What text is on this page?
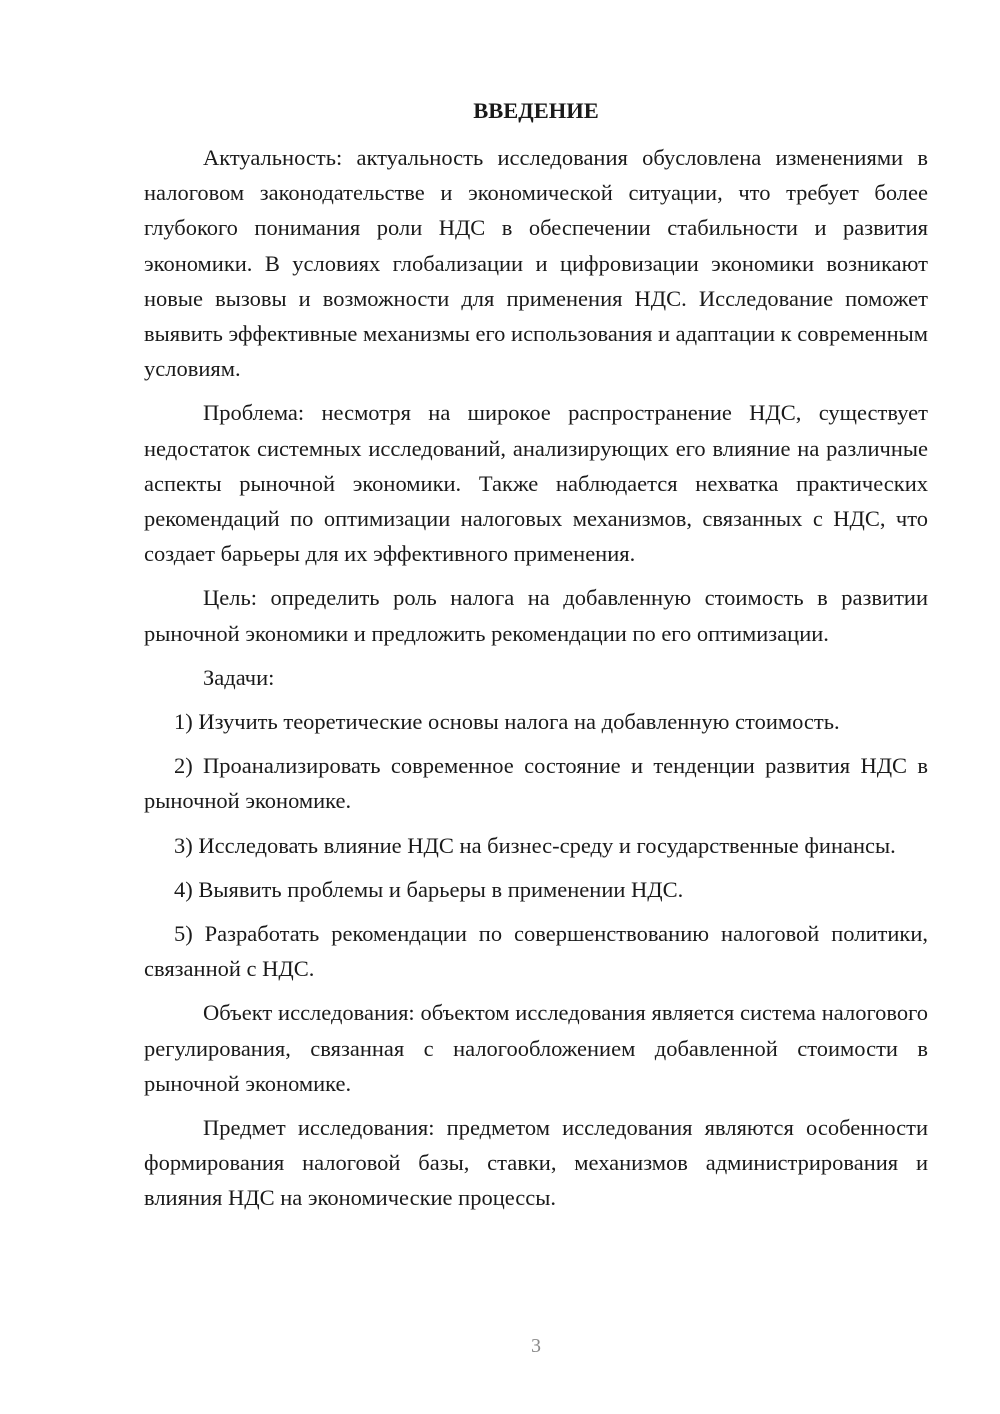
ВВЕДЕНИЕ

Актуальность: актуальность исследования обусловлена изменениями в налоговом законодательстве и экономической ситуации, что требует более глубокого понимания роли НДС в обеспечении стабильности и развития экономики. В условиях глобализации и цифровизации экономики возникают новые вызовы и возможности для применения НДС. Исследование поможет выявить эффективные механизмы его использования и адаптации к современным условиям.

Проблема: несмотря на широкое распространение НДС, существует недостаток системных исследований, анализирующих его влияние на различные аспекты рыночной экономики. Также наблюдается нехватка практических рекомендаций по оптимизации налоговых механизмов, связанных с НДС, что создает барьеры для их эффективного применения.

Цель: определить роль налога на добавленную стоимость в развитии рыночной экономики и предложить рекомендации по его оптимизации.

Задачи:

1) Изучить теоретические основы налога на добавленную стоимость.

2) Проанализировать современное состояние и тенденции развития НДС в рыночной экономике.

3) Исследовать влияние НДС на бизнес-среду и государственные финансы.

4) Выявить проблемы и барьеры в применении НДС.

5) Разработать рекомендации по совершенствованию налоговой политики, связанной с НДС.

Объект исследования: объектом исследования является система налогового регулирования, связанная с налогообложением добавленной стоимости в рыночной экономике.

Предмет исследования: предметом исследования являются особенности формирования налоговой базы, ставки, механизмов администрирования и влияния НДС на экономические процессы.

3
